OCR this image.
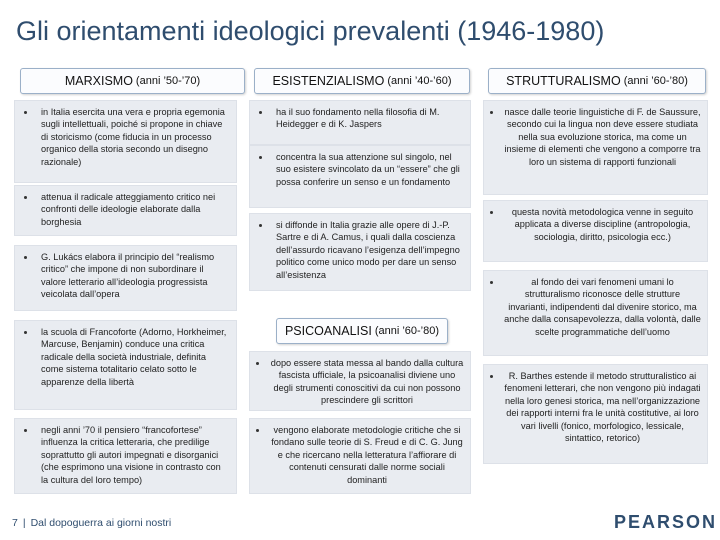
Gli orientamenti ideologici prevalenti (1946-1980)
MARXISMO (anni ’50-’70)
in Italia esercita una vera e propria egemonia sugli intellettuali, poiché si propone in chiave di storicismo (come fiducia in un processo organico della storia secondo un disegno razionale)
attenua il radicale atteggiamento critico nei confronti delle ideologie elaborate dalla borghesia
G. Lukács elabora il principio del “realismo critico” che impone di non subordinare il valore letterario all’ideologia progressista veicolata dall’opera
la scuola di Francoforte (Adorno, Horkheimer, Marcuse, Benjamin) conduce una critica radicale della società industriale, definita come sistema totalitario celato sotto le apparenze della libertà
negli anni ’70 il pensiero “francofortese” influenza la critica letteraria, che predilige soprattutto gli autori impegnati e disorganici (che esprimono una visione in contrasto con la cultura del loro tempo)
ESISTENZIALISMO (anni ’40-’60)
ha il suo fondamento nella filosofia di M. Heidegger e di K. Jaspers
concentra la sua attenzione sul singolo, nel suo esistere svincolato da un “essere” che gli possa conferire un senso e un fondamento
si diffonde in Italia grazie alle opere di J.-P. Sartre e di A. Camus, i quali dalla coscienza dell’assurdo ricavano l’esigenza dell’impegno politico come unico modo per dare un senso all’esistenza
PSICOANALISI (anni ’60-’80)
dopo essere stata messa al bando dalla cultura fascista ufficiale, la psicoanalisi diviene uno degli strumenti conoscitivi da cui non possono prescindere gli scrittori
vengono elaborate metodologie critiche che si fondano sulle teorie di S. Freud e di C. G. Jung e che ricercano nella letteratura l’affiorare di contenuti censurati dalle norme sociali dominanti
STRUTTURALISMO (anni ’60-’80)
nasce dalle teorie linguistiche di F. de Saussure, secondo cui la lingua non deve essere studiata nella sua evoluzione storica, ma come un insieme di elementi che vengono a comporre tra loro un sistema di rapporti funzionali
questa novità metodologica venne in seguito applicata a diverse discipline (antropologia, sociologia, diritto, psicologia ecc.)
al fondo dei vari fenomeni umani lo strutturalismo riconosce delle strutture invarianti, indipendenti dal divenire storico, ma anche dalla consapevolezza, dalla volontà, dalle scelte programmatiche dell’uomo
R. Barthes estende il metodo strutturalistico ai fenomeni letterari, che non vengono più indagati nella loro genesi storica, ma nell’organizzazione dei rapporti interni fra le unità costitutive, ai loro vari livelli (fonico, morfologico, lessicale, sintattico, retorico)
7 | Dal dopoguerra ai giorni nostri	PEARSON
